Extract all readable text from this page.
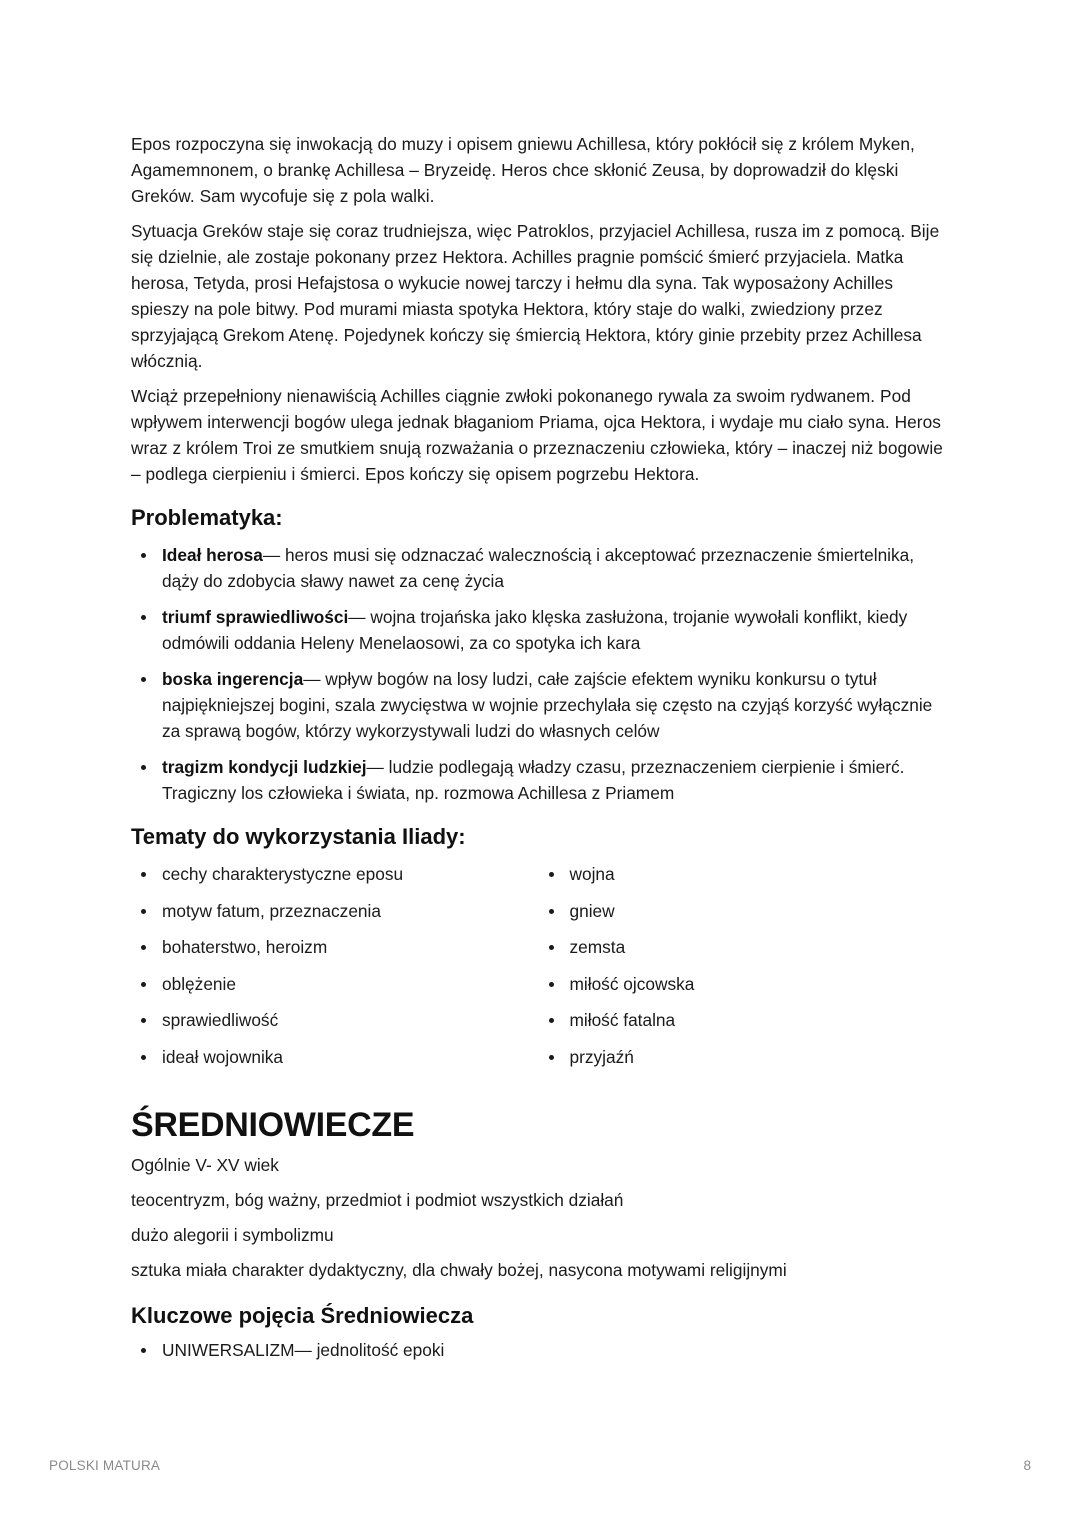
Epos rozpoczyna się inwokacją do muzy i opisem gniewu Achillesa, który pokłócił się z królem Myken, Agamemnonem, o brankę Achillesa – Bryzeidę. Heros chce skłonić Zeusa, by doprowadził do klęski Greków. Sam wycofuje się z pola walki.

Sytuacja Greków staje się coraz trudniejsza, więc Patroklos, przyjaciel Achillesa, rusza im z pomocą. Bije się dzielnie, ale zostaje pokonany przez Hektora. Achilles pragnie pomścić śmierć przyjaciela. Matka herosa, Tetyda, prosi Hefajstosa o wykucie nowej tarczy i hełmu dla syna. Tak wyposażony Achilles spieszy na pole bitwy. Pod murami miasta spotyka Hektora, który staje do walki, zwiedziony przez sprzyjającą Grekom Atenę. Pojedynek kończy się śmiercią Hektora, który ginie przebity przez Achillesa włócznią.

Wciąż przepełniony nienawiścią Achilles ciągnie zwłoki pokonanego rywala za swoim rydwanem. Pod wpływem interwencji bogów ulega jednak błaganiom Priama, ojca Hektora, i wydaje mu ciało syna. Heros wraz z królem Troi ze smutkiem snują rozważania o przeznaczeniu człowieka, który – inaczej niż bogowie – podlega cierpieniu i śmierci. Epos kończy się opisem pogrzebu Hektora.

Problematyka:
Ideał herosa— heros musi się odznaczać walecznością i akceptować przeznaczenie śmiertelnika, dąży do zdobycia sławy nawet za cenę życia
triumf sprawiedliwości— wojna trojańska jako klęska zasłużona, trojanie wywołali konflikt, kiedy odmówili oddania Heleny Menelaosowi, za co spotyka ich kara
boska ingerencja— wpływ bogów na losy ludzi, całe zajście efektem wyniku konkursu o tytuł najpiękniejszej bogini, szala zwycięstwa w wojnie przechylała się często na czyjąś korzyść wyłącznie za sprawą bogów, którzy wykorzystywali ludzi do własnych celów
tragizm kondycji ludzkiej— ludzie podlegają władzy czasu, przeznaczeniem cierpienie i śmierć. Tragiczny los człowieka i świata, np. rozmowa Achillesa z Priamem
Tematy do wykorzystania Iliady:
cechy charakterystyczne eposu
motyw fatum, przeznaczenia
bohaterstwo, heroizm
oblężenie
sprawiedliwość
ideał wojownika
wojna
gniew
zemsta
miłość ojcowska
miłość fatalna
przyjaźń
ŚREDNIOWIECZE

Ogólnie V- XV wiek

teocentryzm, bóg ważny, przedmiot i podmiot wszystkich działań

dużo alegorii i symbolizmu

sztuka miała charakter dydaktyczny, dla chwały bożej, nasycona motywami religijnymi

Kluczowe pojęcia Średniowiecza
UNIWERSALIZM— jednolitość epoki
POLSKI MATURA	8
